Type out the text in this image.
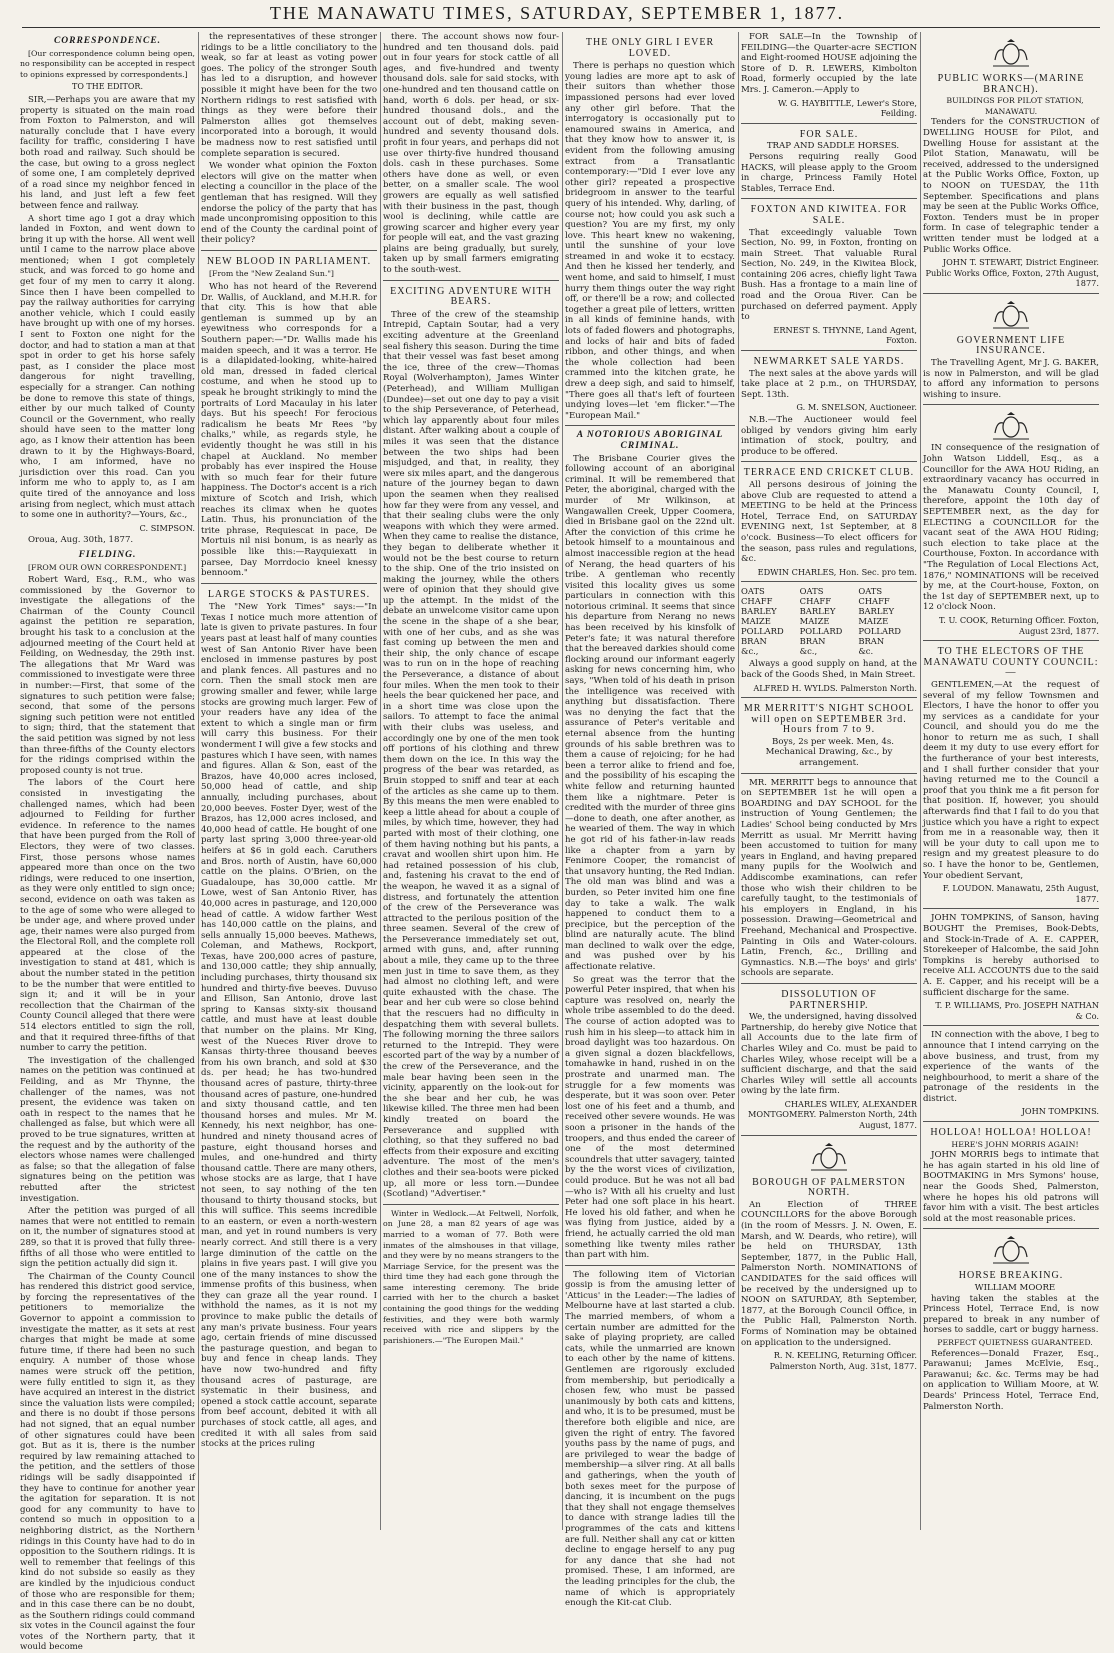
THE MANAWATU TIMES, SATURDAY, SEPTEMBER 1, 1877.
CORRESPONDENCE.

[Our correspondence column being open, no responsibility can be accepted in respect to opinions expressed by correspondents.]

TO THE EDITOR.

SIR,—Perhaps you are aware that my property is situated on the main road from Foxton to Palmerston, and will naturally conclude that I have every facility for traffic, considering I have both road and railway. Such should be the case, but owing to a gross neglect of some one, I am completely deprived of a road since my neighbor fenced in his land, and just left a few feet between fence and railway.

A short time ago I got a dray which landed in Foxton, and went down to bring it up with the horse. All went well until I came to the narrow place above mentioned; when I got completely stuck, and was forced to go home and get four of my men to carry it along. Since then I have been compelled to pay the railway authorities for carrying another vehicle, which I could easily have brought up with one of my horses. I sent to Foxton one night for the doctor, and had to station a man at that spot in order to get his horse safely past, as I consider the place most dangerous for night travelling, especially for a stranger. Can nothing be done to remove this state of things, either by our much talked of County Council or the Government, who really should have seen to the matter long ago, as I know their attention has been drawn to it by the Highways-Board, who, I am informed, have no jurisdiction over this road. Can you inform me who to apply to, as I am quite tired of the annoyance and loss arising from neglect, which must attach to some one in authority?—Yours, &c.,

C. SIMPSON.

Oroua, Aug. 30th, 1877.

FIELDING.

[FROM OUR OWN CORRESPONDENT.]

Robert Ward, Esq., R.M., who was commissioned by the Governor to investigate the allegations of the Chairman of the County Council against the petition re separation, brought his task to a conclusion at the adjourned meeting of the Court held at Feilding, on Wednesday, the 29th inst. The allegations that Mr Ward was commissioned to investigate were three in number:—First, that some of the signatures to such petition were false; second, that some of the persons signing such petition were not entitled to sign; third, that the statement that the said petition was signed by not less than three-fifths of the County electors for the ridings comprised within the proposed county is not true.

The labors of the Court here consisted in investigating the challenged names, which had been adjourned to Feilding for further evidence. In reference to the names that have been purged from the Roll of Electors, they were of two classes. First, those persons whose names appeared more than once on the two ridings, were reduced to one insertion, as they were only entitled to sign once; second, evidence on oath was taken as to the age of some who were alleged to be under age, and where proved under age, their names were also purged from the Electoral Roll, and the complete roll appeared at the close of the investigation to stand at 481, which is about the number stated in the petition to be the number that were entitled to sign it; and it will be in your recollection that the Chairman of the County Council alleged that there were 514 electors entitled to sign the roll, and that it required three-fifths of that number to carry the petition.

The investigation of the challenged names on the petition was continued at Feilding, and as Mr Thynne, the challenger of the names, was not present, the evidence was taken on oath in respect to the names that he challenged as false, but which were all proved to be true signatures, written at the request and by the authority of the electors whose names were challenged as false; so that the allegation of false signatures being on the petition was rebutted after the strictest investigation.

After the petition was purged of all names that were not entitled to remain on it, the number of signatures stood at 289, so that it is proved that fully three-fifths of all those who were entitled to sign the petition actually did sign it.

The Chairman of the County Council has rendered this district good service, by forcing the representatives of the petitioners to memorialize the Governor to appoint a commission to investigate the matter, as it sets at rest charges that might be made at some future time, if there had been no such enquiry. A number of those whose names were struck off the petition, were fully entitled to sign it, as they have acquired an interest in the district since the valuation lists were compiled; and there is no doubt if those persons had not signed, that an equal number of other signatures could have been got. But as it is, there is the number required by law remaining attached to the petition, and the settlers of those ridings will be sadly disappointed if they have to continue for another year the agitation for separation. It is not good for any community to have to contend so much in opposition to a neighboring district, as the Northern ridings in this County have had to do in opposition to the Southern ridings. It is well to remember that feelings of this kind do not subside so easily as they are kindled by the injudicious conduct of those who are responsible for them; and in this case there can be no doubt, as the Southern ridings could command six votes in the Council against the four votes of the Northern party, that it would become

the representatives of these stronger ridings to be a little conciliatory to the weak, so far at least as voting power goes. The policy of the stronger South has led to a disruption, and however possible it might have been for the two Northern ridings to rest satisfied with things as they were before their Palmerston allies got themselves incorporated into a borough, it would be madness now to rest satisfied until complete separation is secured.

We wonder what opinion the Foxton electors will give on the matter when electing a councillor in the place of the gentleman that has resigned. Will they endorse the policy of the party that has made unconpromising opposition to this end of the County the cardinal point of their policy?

NEW BLOOD IN PARLIAMENT.

[From the "New Zealand Sun."]

Who has not heard of the Reverend Dr. Wallis, of Auckland, and M.H.R. for that city. This is how that able gentleman is summed up by an eyewitness who corresponds for a Southern paper:—"Dr. Wallis made his maiden speech, and it was a terror. He is a dilapidated-looking, white-haired old man, dressed in faded clerical costume, and when he stood up to speak he brought strikingly to mind the portraits of Lord Macaulay in his later days. But his speech! For ferocious radicalism he beats Mr Rees "by chalks," while, as regards style, he evidently thought he was still in his chapel at Auckland. No member probably has ever inspired the House with so much fear for their future happiness. The Doctor's accent is a rich mixture of Scotch and Irish, which reaches its climax when he quotes Latin. Thus, his pronunciation of the trite phrase, Requiescat in pace, De Mortuis nil nisi bonum, is as nearly as possible like this:—Rayquiexatt in parsee, Day Morrdocio kneel knessy bennoom."

LARGE STOCKS & PASTURES.

The "New York Times" says:—"In Texas I notice much more attention of late is given to private pastures. In four years past at least half of many counties west of San Antonio River have been enclosed in immense pastures by post and plank fences. All pastures and no corn. Then the small stock men are growing smaller and fewer, while large stocks are growing much larger. Few of your readers have any idea of the extent to which a single man or firm will carry this business. For their wonderment I will give a few stocks and pastures which I have seen, with names and figures. Allan & Son, east of the Brazos, have 40,000 acres inclosed, 50,000 head of cattle, and ship annually, including purchases, about 20,000 beeves. Foster Dyer, west of the Brazos, has 12,000 acres inclosed, and 40,000 head of cattle. He bought of one party last spring 3,000 three-year-old heifers at $6 in gold each. Caruthers and Bros. north of Austin, have 60,000 cattle on the plains. O'Brien, on the Guadaloupe, has 30,000 cattle. Mr Lowe, west of San Antonio River, has 40,000 acres in pasturage, and 120,000 head of cattle. A widow farther West has 140,000 cattle on the plains, and sells annually 15,000 beeves. Mathews, Coleman, and Mathews, Rockport, Texas, have 200,000 acres of pasture, and 130,000 cattle; they ship annually, including purchases, thirty thousand six hundred and thirty-five beeves. Duvuso and Ellison, San Antonio, drove last spring to Kansas sixty-six thousand cattle, and must have at least double that number on the plains. Mr King, west of the Nueces River drove to Kansas thirty-three thousand beeves from his own branch, and sold at $30 ds. per head; he has two-hundred thousand acres of pasture, thirty-three thousand acres of pasture, one-hundred and sixty thousand cattle, and ten thousand horses and mules. Mr M. Kennedy, his next neighbor, has one-hundred and ninety thousand acres of pasture, eight thousand horses and mules, and one-hundred and thirty thousand cattle. There are many others, whose stocks are as large, that I have not seen, to say nothing of the ten thousand to thirty thousand stocks, but this will suffice. This seems incredible to an eastern, or even a north-western man, and yet in round numbers is very nearly correct. And still there is a very large diminution of the cattle on the plains in five years past. I will give you one of the many instances to show the immense profits of this business, when they can graze all the year round. I withhold the names, as it is not my province to make public the details of any man's private business. Four years ago, certain friends of mine discussed the pasturage question, and began to buy and fence in cheap lands. They have now two-hundred and fifty thousand acres of pasturage, are systematic in their business, and opened a stock cattle account, separate from beef account, debited it with all purchases of stock cattle, all ages, and credited it with all sales from said stocks at the prices ruling

there. The account shows now four-hundred and ten thousand dols. paid out in four years for stock cattle of all ages, and five-hundred and twenty thousand dols. sale for said stocks, with one-hundred and ten thousand cattle on hand, worth 6 dols. per head, or six-hundred thousand dols., and the account out of debt, making seven-hundred and seventy thousand dols. profit in four years, and perhaps did not use over thirty-five hundred thousand dols. cash in these purchases. Some others have done as well, or even better, on a smaller scale. The wool growers are equally as well satisfied with their business in the past, though wool is declining, while cattle are growing scarcer and higher every year for people will eat, and the vast grazing plains are being gradually, but surely, taken up by small farmers emigrating to the south-west.

EXCITING ADVENTURE WITH BEARS.

Three of the crew of the steamship Intrepid, Captain Soutar, had a very exciting adventure at the Greenland seal fishery this season. During the time that their vessel was fast beset among the ice, three of the crew—Thomas Royal (Wolverhampton), James Winter (Peterhead), and William Mulligan (Dundee)—set out one day to pay a visit to the ship Perseverance, of Peterhead, which lay apparently about four miles distant. After walking about a couple of miles it was seen that the distance between the two ships had been misjudged, and that, in reality, they were six miles apart, and the dangerous nature of the journey began to dawn upon the seamen when they realised how far they were from any vessel, and that their sealing clubs were the only weapons with which they were armed. When they came to realise the distance, they began to deliberate whether it would not be the best course to return to the ship. One of the trio insisted on making the journey, while the others were of opinion that they should give up the attempt. In the midst of the debate an unwelcome visitor came upon the scene in the shape of a she bear, with one of her cubs, and as she was fast coming up between the men and their ship, the only chance of escape was to run on in the hope of reaching the Perseverance, a distance of about four miles. When the men took to their heels the bear quickened her pace, and in a short time was close upon the sailors. To attempt to face the animal with their clubs was useless, and accordingly one by one of the men took off portions of his clothing and threw them down on the ice. In this way the progress of the bear was retarded, as Bruin stopped to sniff and tear at each of the articles as she came up to them. By this means the men were enabled to keep a little ahead for about a couple of miles, by which time, however, they had parted with most of their clothing, one of them having nothing but his pants, a cravat and woollen shirt upon him. He had retained possession of his club, and, fastening his cravat to the end of the weapon, he waved it as a signal of distress, and fortunately the attention of the crew of the Perseverance was attracted to the perilous position of the three seamen. Several of the crew of the Perseverance immediately set out, armed with guns, and, after running about a mile, they came up to the three men just in time to save them, as they had almost no clothing left, and were quite exhausted with the chase. The bear and her cub were so close behind that the rescuers had no difficulty in despatching them with several bullets. The following morning the three sailors returned to the Intrepid. They were escorted part of the way by a number of the crew of the Perseverance, and the male bear having been seen in the vicinity, apparently on the look-out for the she bear and her cub, he was likewise killed. The three men had been kindly treated on board the Perseverance and supplied with clothing, so that they suffered no bad effects from their exposure and exciting adventure. The most of the men's clothes and their sea-boots were picked up, all more or less torn.—Dundee (Scotland) "Advertiser."

Winter in Wedlock.—At Feltwell, Norfolk, on June 28, a man 82 years of age was married to a woman of 77. Both were inmates of the almshouses in that village, and they were by no means strangers to the Marriage Service, for the present was the third time they had each gone through the same interesting ceremony. The bride carried with her to the church a basket containing the good things for the wedding festivities, and they were both warmly received with rice and slippers by the parishioners.—"The Europen Mail."

THE ONLY GIRL I EVER LOVED.

There is perhaps no question which young ladies are more apt to ask of their suitors than whether those impassioned persons had ever loved any other girl before. That the interrogatory is occasionally put to enamoured swains in America, and that they know how to answer it, is evident from the following amusing extract from a Transatlantic contemporary:—"Did I ever love any other girl? repeated a prospective bridegroom in answer to the tearful query of his intended. Why, darling, of course not; how could you ask such a question? You are my first, my only love. This heart knew no wakening, until the sunshine of your love streamed in and woke it to ecstacy. And then he kissed her tenderly, and went home, and said to himself, I must hurry them things outer the way right off, or there'll be a row; and collected together a great pile of letters, written in all kinds of feminine hands, with lots of faded flowers and photographs, and locks of hair and bits of faded ribbon, and other things, and when the whole collection had been crammed into the kitchen grate, he drew a deep sigh, and said to himself, "There goes all that's left of fourteen undying loves—let 'em flicker."—The "European Mail."

A NOTORIOUS ABORIGINAL CRIMINAL.

The Brisbane Courier gives the following account of an aboriginal criminal. It will be remembered that Peter, the aboriginal, charged with the murder of Mr Wilkinson, at Wangawallen Creek, Upper Coomera, died in Brisbane gaol on the 22nd ult. After the conviction of this crime he betook himself to a mountainous and almost inaccessible region at the head of Nerang, the head quarters of his tribe. A gentleman who recently visited this locality gives us some particulars in connection with this notorious criminal. It seems that since his departure from Nerang no news has been received by his kinsfolk of Peter's fate; it was natural therefore that the bereaved darkies should come flocking around our informant eagerly asking for news concerning him, who says, "When told of his death in prison the intelligence was received with anything but dissatisfaction. There was no denying the fact that the assurance of Peter's veritable and eternal absence from the hunting grounds of his sable brethren was to them a cause of rejoicing; for he had been a terror alike to friend and foe, and the possibility of his escaping the white fellow and returning haunted them like a nightmare. Peter is credited with the murder of three gins—done to death, one after another, as he wearied of them. The way in which he got rid of his father-in-law reads like a chapter from a yarn by Fenimore Cooper, the romancist of that unsavory hunting, the Red Indian. The old man was blind and was a burden, so Peter invited him one fine day to take a walk. The walk happened to conduct them to a precipice, but the perception of the blind are naturally acute. The blind man declined to walk over the edge, and was pushed over by his affectionate relative.

So great was the terror that the powerful Peter inspired, that when his capture was resolved on, nearly the whole tribe assembled to do the deed. The course of action adopted was to rush him in his sleep—to attack him in broad daylight was too hazardous. On a given signal a dozen blackfellows, tomahawke in hand, rushed in on the prostrate and unarmed man. The struggle for a few moments was desperate, but it was soon over. Peter lost one of his feet and a thumb, and received other severe wounds. He was soon a prisoner in the hands of the troopers, and thus ended the career of one of the most determined scoundrels that utter savagery, tainted by the the worst vices of civilization, could produce. But he was not all bad—who is? With all his cruelty and lust Peter had one soft place in his heart. He loved his old father, and when he was flying from justice, aided by a friend, he actually carried the old man something like twenty miles rather than part with him.

The following item of Victorian gossip is from the amusing letter of 'Atticus' in the Leader:—The ladies of Melbourne have at last started a club. The married members, of whom a certain number are admitted for the sake of playing propriety, are called cats, while the unmarried are known to each other by the name of kittens. Gentlemen are rigorously excluded from membership, but periodically a chosen few, who must be passed unanimously by both cats and kittens, and who, it is to be presumed, must be therefore both eligible and nice, are given the right of entry. The favored youths pass by the name of pugs, and are privileged to wear the badge of membership—a silver ring. At all balls and gatherings, when the youth of both sexes meet for the purpose of dancing, it is incumbent on the pugs that they shall not engage themselves to dance with strange ladies till the programmes of the cats and kittens are full. Neither shall any cat or kitten decline to engage herself to any pug for any dance that she had not promised. These, I am informed, are the leading principles for the club, the name of which is appropriately enough the Kit-cat Club.

FOR SALE—In the Township of FEILDING—the Quarter-acre SECTION and Eight-roomed HOUSE adjoining the Store of D. R. LEWERS, Kimbolton Road, formerly occupied by the late Mrs. J. Cameron.—Apply to

W. G. HAYBITTLE, Lewer's Store, Feilding.

FOR SALE.

TRAP AND SADDLE HORSES.

Persons requiring really Good HACKS, will please apply to the Groom in charge, Princess Family Hotel Stables, Terrace End.

FOXTON AND KIWITEA. FOR SALE.

That exceedingly valuable Town Section, No. 99, in Foxton, fronting on main Street. That valuable Rural Section, No. 249, in the Kiwitea Block, containing 206 acres, chiefly light Tawa Bush. Has a frontage to a main line of road and the Oroua River. Can be purchased on deferred payment. Apply to

ERNEST S. THYNNE, Land Agent, Foxton.

NEWMARKET SALE YARDS.

The next sales at the above yards will take place at 2 p.m., on THURSDAY, Sept. 13th.

G. M. SNELSON, Auctioneer.

N.B.—The Auctioneer would feel obliged by vendors giving him early intimation of stock, poultry, and produce to be offered.

TERRACE END CRICKET CLUB.

All persons desirous of joining the above Club are requested to attend a MEETING to be held at the Princess Hotel, Terrace End, on SATURDAY EVENING next, 1st September, at 8 o'cock. Business—To elect officers for the season, pass rules and regulations, &c.

EDWIN CHARLES, Hon. Sec. pro tem.

OATS	OATS	OATS
CHAFF	CHAFF	CHAFF
BARLEY	BARLEY	BARLEY
MAIZE	MAIZE	MAIZE
POLLARD	POLLARD	POLLARD
BRAN	BRAN	BRAN
&c.,	&c.,	&c.

Always a good supply on hand, at the back of the Goods Shed, in Main Street.

ALFRED H. WYLDS. Palmerston North.

MR MERRITT'S NIGHT SCHOOL will open on SEPTEMBER 3rd. Hours from 7 to 9.

Boys, 2s per week. Men, 4s. Mechanical Drawing, &c., by arrangement.

MR. MERRITT begs to announce that on SEPTEMBER 1st he will open a BOARDING and DAY SCHOOL for the instruction of Young Gentlemen; the Ladies' School being conducted by Mrs Merritt as usual. Mr Merritt having been accustomed to tuition for many years in England, and having prepared many pupils for the Woolwich and Addiscombe examinations, can refer those who wish their children to be carefully taught, to the testimonials of his employers in England, in his possession. Drawing—Geometrical and Freehand, Mechanical and Prospective. Painting in Oils and Water-colours. Latin, French, &c., Drilling and Gymnastics. N.B.—The boys' and girls' schools are separate.

DISSOLUTION OF PARTNERSHIP.

We, the undersigned, having dissolved Partnership, do hereby give Notice that all Accounts due to the late firm of Charles Wiley and Co. must be paid to Charles Wiley, whose receipt will be a sufficient discharge, and that the said Charles Wiley will settle all accounts owing by the late firm.

CHARLES WILEY, ALEXANDER MONTGOMERY. Palmerston North, 24th August, 1877.

BOROUGH OF PALMERSTON NORTH.

An Election of THREE COUNCILLORS for the above Borough (in the room of Messrs. J. N. Owen, E. Marsh, and W. Deards, who retire), will be held on THURSDAY, 13th September, 1877, in the Public Hall, Palmerston North. NOMINATIONS of CANDIDATES for the said offices will be received by the undersigned up to NOON on SATURDAY, 8th September, 1877, at the Borough Council Office, in the Public Hall, Palmerston North. Forms of Nomination may be obtained on application to the undersigned.

R. N. KEELING, Returning Officer. Palmerston North, Aug. 31st, 1877.

PUBLIC WORKS—(MARINE BRANCH).

BUILDINGS FOR PILOT STATION, MANAWATU.

Tenders for the CONSTRUCTION of DWELLING HOUSE for Pilot, and Dwelling House for assistant at the Pilot Station, Manawatu, will be received, addressed to the undersigned at the Public Works Office, Foxton, up to NOON on TUESDAY, the 11th September. Specifications and plans may be seen at the Public Works Office, Foxton. Tenders must be in proper form. In case of telegraphic tender a written tender must be lodged at a Public Works Office.

JOHN T. STEWART, District Engineer. Public Works Office, Foxton, 27th August, 1877.

GOVERNMENT LIFE INSURANCE.

The Travelling Agent, Mr J. G. BAKER, is now in Palmerston, and will be glad to afford any information to persons wishing to insure.

IN consequence of the resignation of John Watson Liddell, Esq., as a Councillor for the AWA HOU Riding, an extraordinary vacancy has occurred in the Manawatu County Council, I, therefore, appoint the 10th day of SEPTEMBER next, as the day for ELECTING a COUNCILLOR for the vacant seat of the AWA HOU Riding; such election to take place at the Courthouse, Foxton. In accordance with "The Regulation of Local Elections Act, 1876," NOMINATIONS will be received by me, at the Court-house, Foxton, on the 1st day of SEPTEMBER next, up to 12 o'clock Noon.

T. U. COOK, Returning Officer. Foxton, August 23rd, 1877.

TO THE ELECTORS OF THE MANAWATU COUNTY COUNCIL:—

GENTLEMEN,—At the request of several of my fellow Townsmen and Electors, I have the honor to offer you my services as a candidate for your Council, and should you do me the honor to return me as such, I shall deem it my duty to use every effort for the furtherance of your best interests, and I shall further consider that your having returned me to the Council a proof that you think me a fit person for that position. If, however, you should afterwards find that I fail to do you that justice which you have a right to expect from me in a reasonable way, then it will be your duty to call upon me to resign and my greatest pleasure to do so. I have the honor to be, Gentlemen, Your obedient Servant,

F. LOUDON. Manawatu, 25th August, 1877.

JOHN TOMPKINS, of Sanson, having BOUGHT the Premises, Book-Debts, and Stock-in-Trade of A. E. CAPPER, Storekeeper of Halcombe, the said John Tompkins is hereby authorised to receive ALL ACCOUNTS due to the said A. E. Capper, and his receipt will be a sufficient discharge for the same.

T. P. WILLIAMS, Pro. JOSEPH NATHAN & Co.

IN connection with the above, I beg to announce that I intend carrying on the above business, and trust, from my experience of the wants of the neighbourhood, to merit a share of the patronage of the residents in the district.

JOHN TOMPKINS.

HOLLOA! HOLLOA! HOLLOA!

HERE'S JOHN MORRIS AGAIN!

JOHN MORRIS begs to intimate that he has again started in his old line of BOOTMAKING in Mrs Symons' house, near the Goods Shed, Palmerston, where he hopes his old patrons will favor him with a visit. The best articles sold at the most reasonable prices.

HORSE BREAKING.

WILLIAM MOORE

having taken the stables at the Princess Hotel, Terrace End, is now prepared to break in any number of horses to saddle, cart or buggy harness.

PERFECT QUIETNESS GUARANTEED.

References—Donald Frazer, Esq., Parawanui; James McElvie, Esq., Parawanui; &c. &c. Terms may be had on application to William Moore, at W. Deards' Princess Hotel, Terrace End, Palmerston North.
